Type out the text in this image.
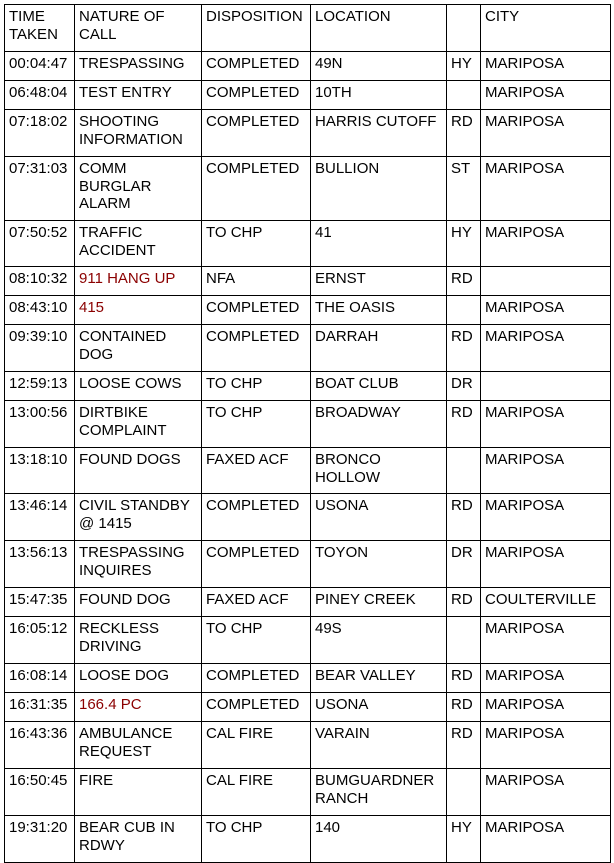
TIME
TAKEN	NATURE OF
CALL	DISPOSITION	LOCATION		CITY
00:04:47	TRESPASSING	COMPLETED	49N	HY	MARIPOSA
06:48:04	TEST ENTRY	COMPLETED	10TH		MARIPOSA
07:18:02	SHOOTING
INFORMATION	COMPLETED	HARRIS CUTOFF	RD	MARIPOSA
07:31:03	COMM
BURGLAR
ALARM	COMPLETED	BULLION	ST	MARIPOSA
07:50:52	TRAFFIC
ACCIDENT	TO CHP	41	HY	MARIPOSA
08:10:32	911 HANG UP	NFA	ERNST	RD	
08:43:10	415	COMPLETED	THE OASIS		MARIPOSA
09:39:10	CONTAINED
DOG	COMPLETED	DARRAH	RD	MARIPOSA
12:59:13	LOOSE COWS	TO CHP	BOAT CLUB	DR	
13:00:56	DIRTBIKE
COMPLAINT	TO CHP	BROADWAY	RD	MARIPOSA
13:18:10	FOUND DOGS	FAXED ACF	BRONCO
HOLLOW		MARIPOSA
13:46:14	CIVIL STANDBY
@ 1415	COMPLETED	USONA	RD	MARIPOSA
13:56:13	TRESPASSING
INQUIRES	COMPLETED	TOYON	DR	MARIPOSA
15:47:35	FOUND DOG	FAXED ACF	PINEY CREEK	RD	COULTERVILLE
16:05:12	RECKLESS
DRIVING	TO CHP	49S		MARIPOSA
16:08:14	LOOSE DOG	COMPLETED	BEAR VALLEY	RD	MARIPOSA
16:31:35	166.4 PC	COMPLETED	USONA	RD	MARIPOSA
16:43:36	AMBULANCE
REQUEST	CAL FIRE	VARAIN	RD	MARIPOSA
16:50:45	FIRE	CAL FIRE	BUMGUARDNER
RANCH		MARIPOSA
19:31:20	BEAR CUB IN
RDWY	TO CHP	140	HY	MARIPOSA
